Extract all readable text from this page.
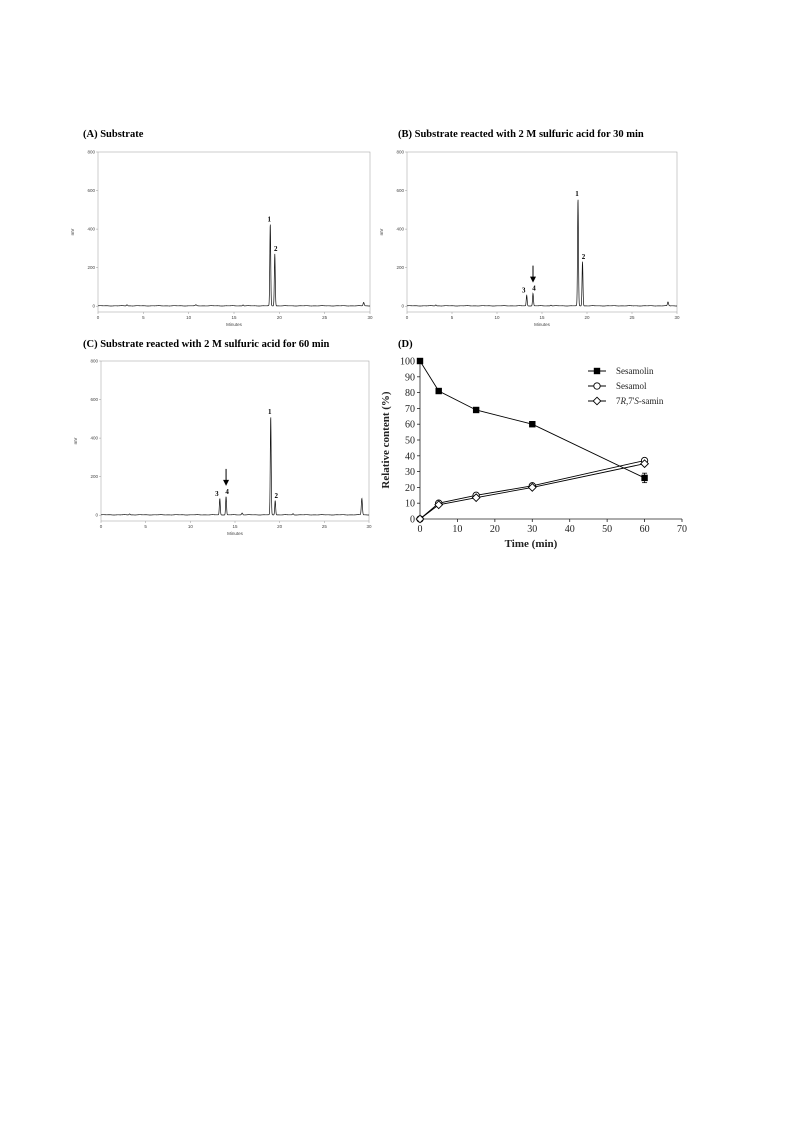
(A) Substrate	(B) Substrate reacted with 2 M sulfuric acid for 30 min
(C) Substrate reacted with 2 M sulfuric acid for 60 min	(D)
0	5	10	15	20	25	30
0
200
400
600
800
Minutes
mV
1
2
0	5	10	15	20	25	30
0
200
400
600
800
Minutes
mV
3 4
1
2
0	5	10	15	20	25	30
0
200
400
600
800
Minutes
mV
3 4
1
2
0	10	20	30	40	50	60	70
0
10
20
30
40
50
60
70
80
90
100
Time (min)
Relative content (%)
Sesamolin
Sesamol
7R,7'S-samin
